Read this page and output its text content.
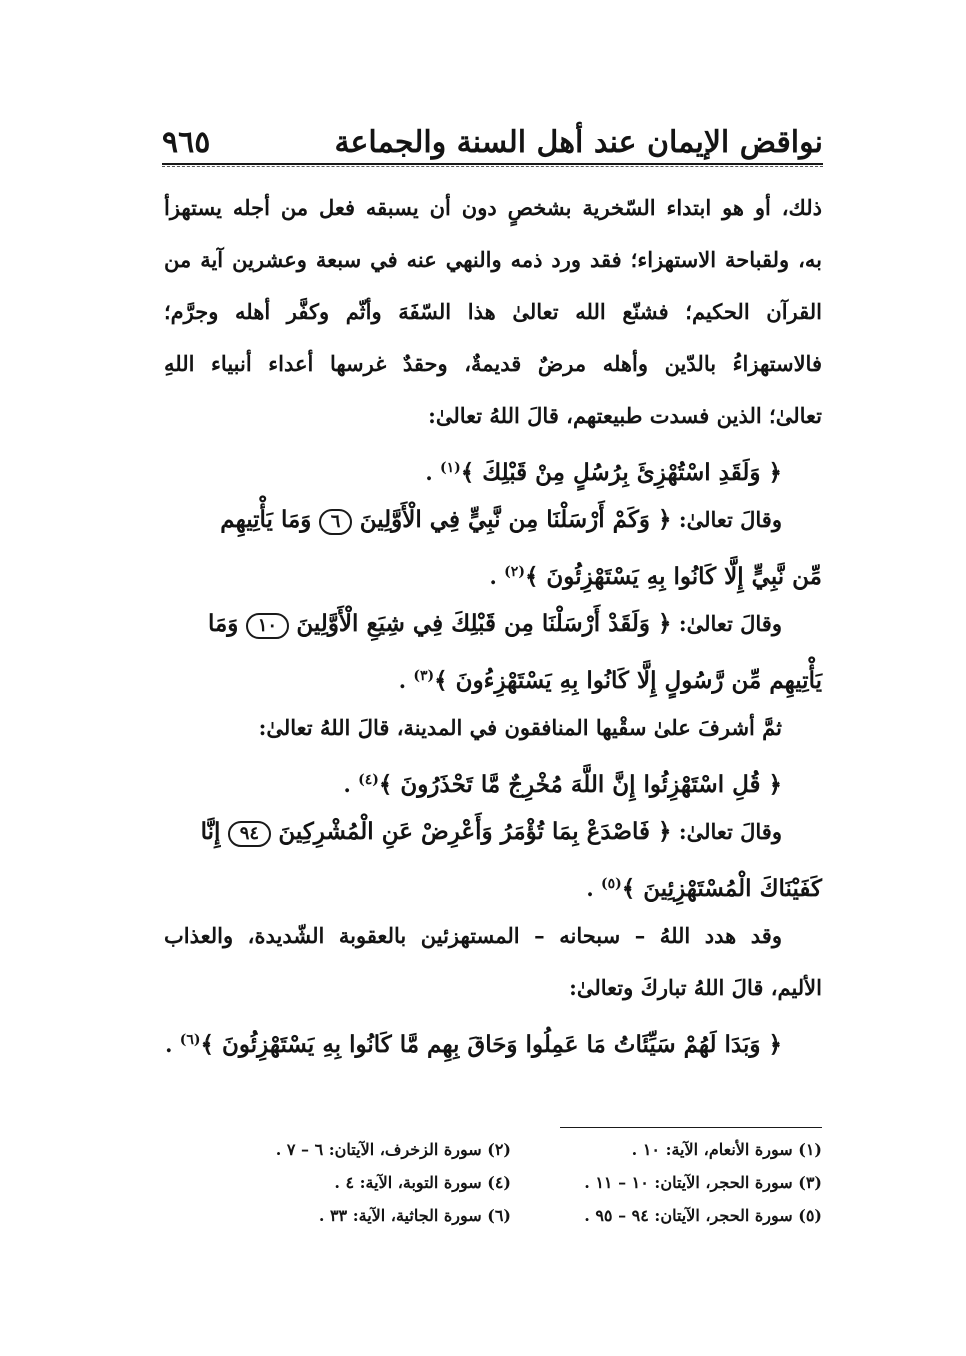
نواقض الإيمان عند أهل السنة والجماعة
٩٦٥
ذلك، أو هو ابتداء السّخرية بشخصٍ دون أن يسبقه فعل من أجله يستهزأ
به، ولقباحة الاستهزاء؛ فقد ورد ذمه والنهي عنه في سبعة وعشرين آية من
القرآن الحكيم؛ فشنّع الله تعالىٰ هذا السّفَهَ وأثّم وكفَّر أهله وجرَّم؛
فالاستهزاءُ بالدّين وأهله مرضٌ قديمةٌ، وحقدٌ غرسها أعداء أنبياء اللهِ
تعالىٰ؛ الذين فسدت طبيعتهم، قالَ اللهُ تعالىٰ:
﴿ وَلَقَدِ اسْتُهْزِئَ بِرُسُلٍ مِنْ قَبْلِكَ ﴾$^{(١)}$ .
وقالَ تعالىٰ: ﴿ وَكَمْ أَرْسَلْنَا مِن نَّبِيٍّ فِي الْأَوَّلِينَ ٦ وَمَا يَأْتِيهِم
مِّن نَّبِيٍّ إِلَّا كَانُوا بِهِ يَسْتَهْزِئُونَ ﴾$^{(٢)}$ .
وقالَ تعالىٰ: ﴿ وَلَقَدْ أَرْسَلْنَا مِن قَبْلِكَ فِي شِيَعِ الْأَوَّلِينَ ١٠ وَمَا
يَأْتِيهِم مِّن رَّسُولٍ إِلَّا كَانُوا بِهِ يَسْتَهْزِءُونَ ﴾$^{(٣)}$ .
ثمَّ أشرفَ علىٰ سقْيها المنافقون في المدينة، قالَ اللهُ تعالىٰ:
﴿ قُلِ اسْتَهْزِئُوا إِنَّ اللَّهَ مُخْرِجٌ مَّا تَحْذَرُونَ ﴾$^{(٤)}$ .
وقالَ تعالىٰ: ﴿ فَاصْدَعْ بِمَا تُؤْمَرُ وَأَعْرِضْ عَنِ الْمُشْرِكِينَ ٩٤ إِنَّا
كَفَيْنَاكَ الْمُسْتَهْزِئِينَ ﴾$^{(٥)}$ .
وقد هدد اللهُ – سبحانه – المستهزئين بالعقوبة الشّديدة، والعذاب
الأليم، قالَ اللهُ تباركَ وتعالىٰ:
﴿ وَبَدَا لَهُمْ سَيِّئَاتُ مَا عَمِلُوا وَحَاقَ بِهِم مَّا كَانُوا بِهِ يَسْتَهْزِئُونَ ﴾$^{(٦)}$ .
(١) سورة الأنعام، الآية: ١٠ .
(٢) سورة الزخرف، الآيتان: ٦ – ٧ .
(٣) سورة الحجر، الآيتان: ١٠ – ١١ .
(٤) سورة التوبة، الآية: ٤ .
(٥) سورة الحجر، الآيتان: ٩٤ – ٩٥ .
(٦) سورة الجاثية، الآية: ٣٣ .
